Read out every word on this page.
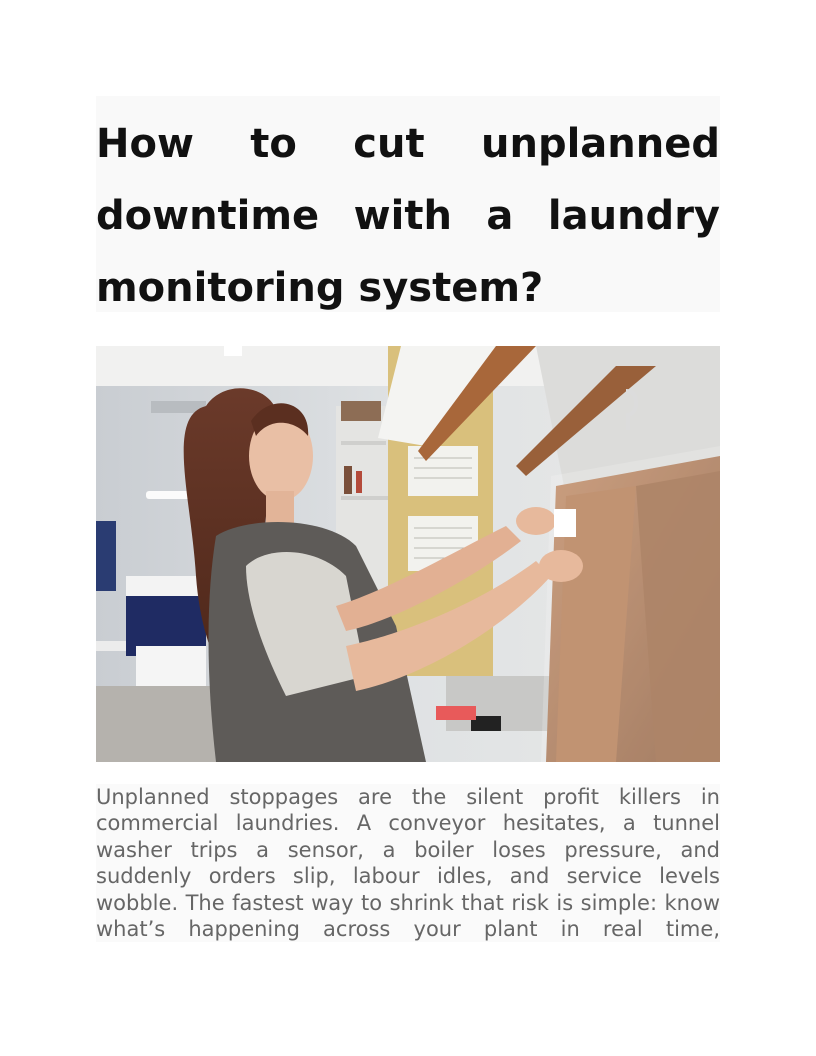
How to cut unplanned downtime with a laundry monitoring system?

Unplanned stoppages are the silent profit killers in commercial laundries. A conveyor hesitates, a tunnel washer trips a sensor, a boiler loses pressure, and suddenly orders slip, labour idles, and service levels wobble. The fastest way to shrink that risk is simple: know what’s happening across your plant in real time,
